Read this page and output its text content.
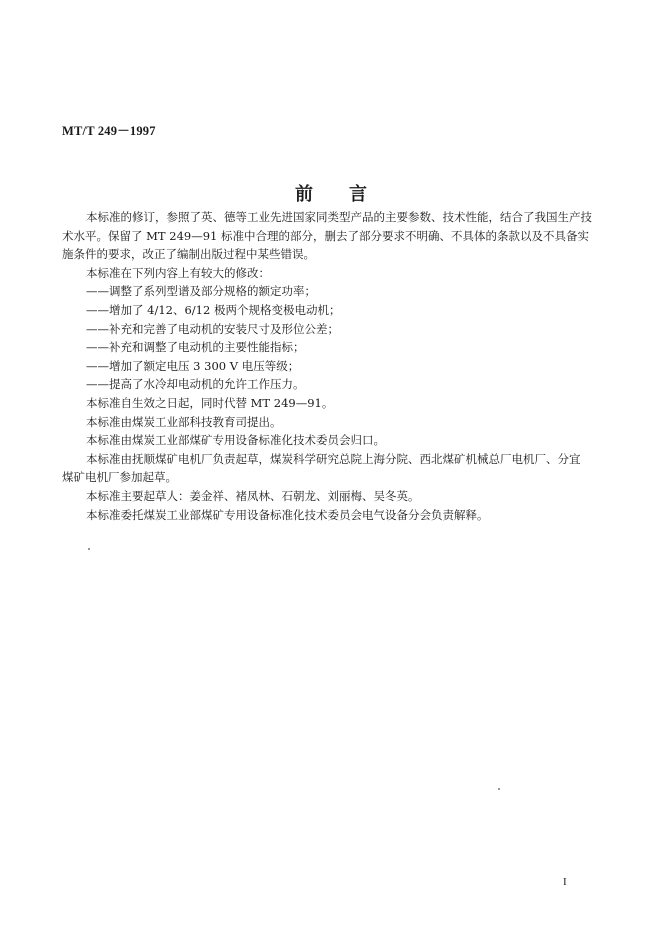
MT/T 249－1997
前 言

本标准的修订，参照了英、德等工业先进国家同类型产品的主要参数、技术性能，结合了我国生产技
术水平。保留了 MT 249—91 标准中合理的部分，删去了部分要求不明确、不具体的条款以及不具备实
施条件的要求，改正了编制出版过程中某些错误。

本标准在下列内容上有较大的修改：

——调整了系列型谱及部分规格的额定功率；

——增加了 4/12、6/12 极两个规格变极电动机；

——补充和完善了电动机的安装尺寸及形位公差；

——补充和调整了电动机的主要性能指标；

——增加了额定电压 3 300 V 电压等级；

——提高了水冷却电动机的允许工作压力。

本标准自生效之日起，同时代替 MT 249—91。

本标准由煤炭工业部科技教育司提出。

本标准由煤炭工业部煤矿专用设备标准化技术委员会归口。

本标准由抚顺煤矿电机厂负责起草，煤炭科学研究总院上海分院、西北煤矿机械总厂电机厂、分宜
煤矿电机厂参加起草。

本标准主要起草人：姜金祥、褚凤林、石朝龙、刘丽梅、吴冬英。

本标准委托煤炭工业部煤矿专用设备标准化技术委员会电气设备分会负责解释。

I
